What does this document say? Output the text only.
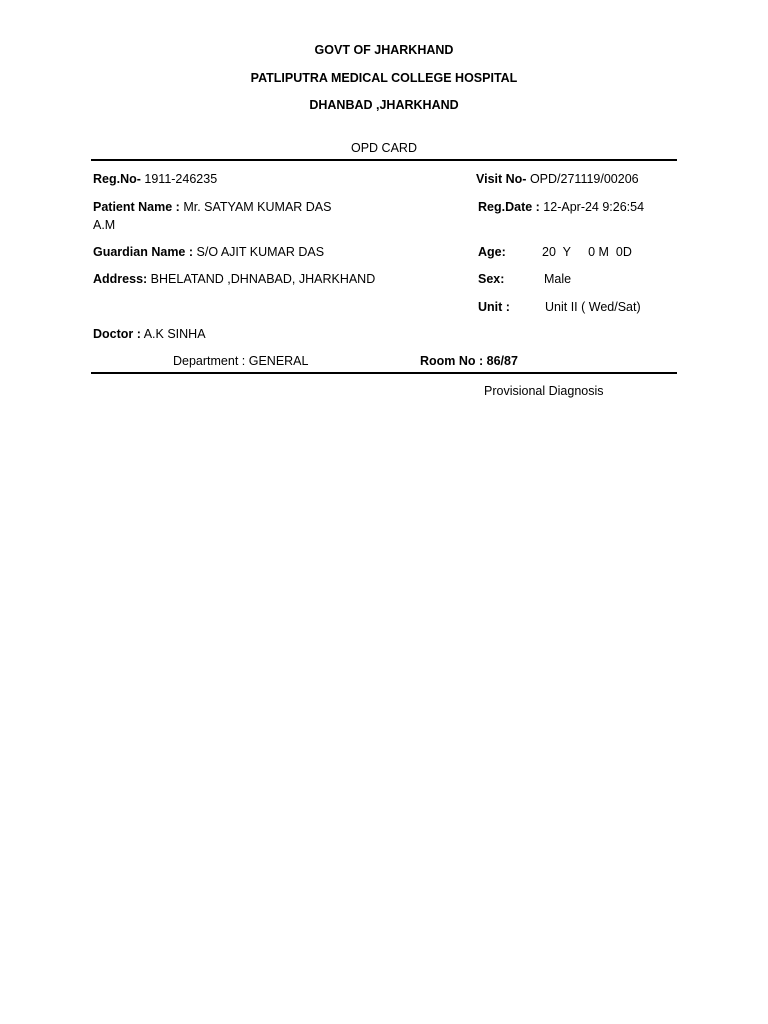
GOVT OF JHARKHAND
PATLIPUTRA MEDICAL COLLEGE HOSPITAL
DHANBAD ,JHARKHAND
OPD CARD
Reg.No- 1911-246235	Visit No- OPD/271119/00206
Patient Name : Mr. SATYAM KUMAR DAS
A.M
Reg.Date : 12-Apr-24 9:26:54
Guardian Name : S/O AJIT KUMAR DAS	Age:	20  Y     0 M  0D
Address: BHELATAND ,DHNABAD, JHARKHAND	Sex:	Male
Unit :	Unit II ( Wed/Sat)
Doctor : A.K SINHA
Department : GENERAL	Room No : 86/87
Provisional Diagnosis
